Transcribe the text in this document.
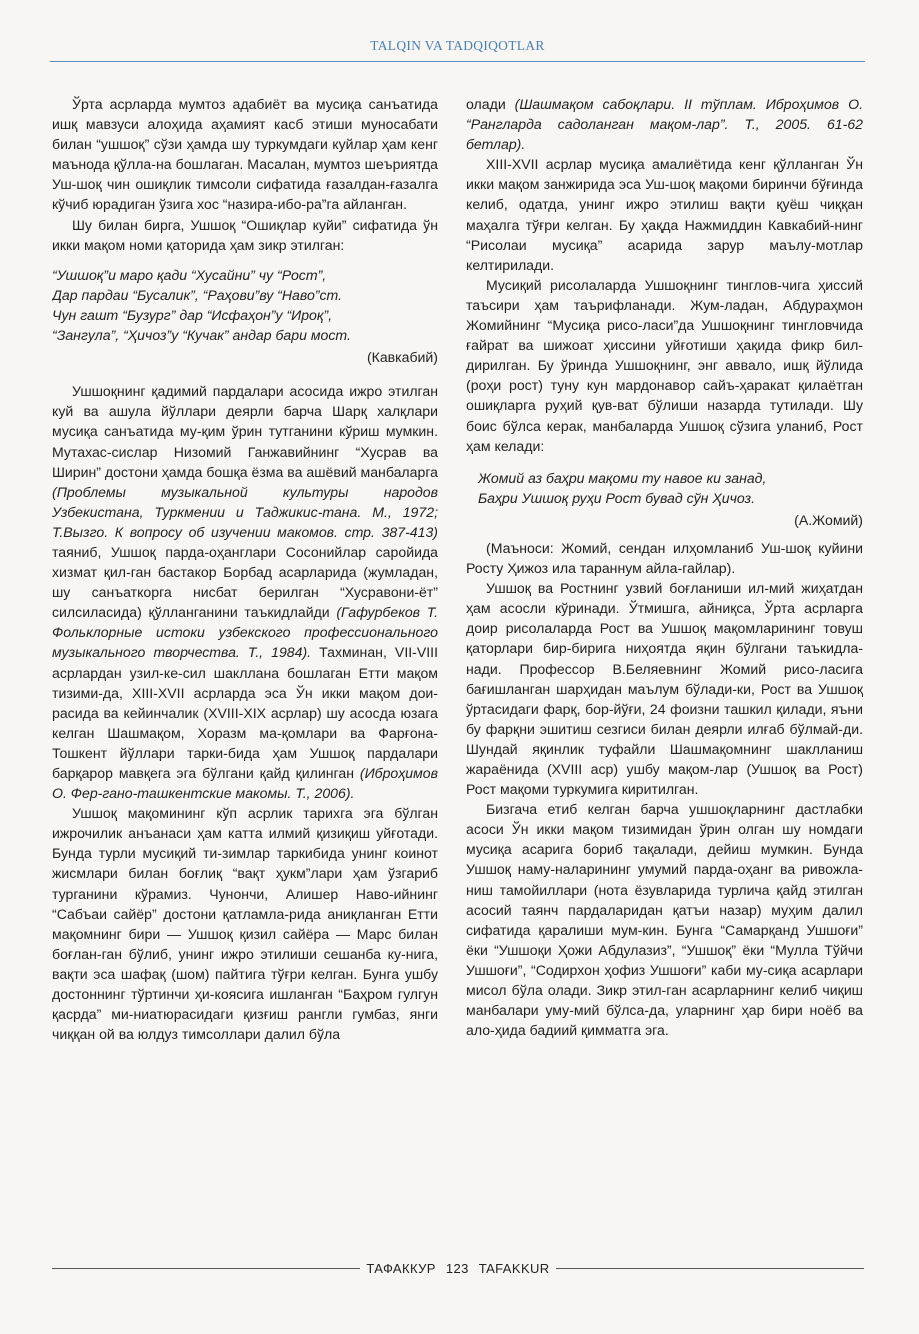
TALQIN VA TADQIQOTLAR

Ўрта асрларда мумтоз адабиёт ва мусиқа санъатида ишқ мавзуси алоҳида аҳамият касб этиши муносабати билан “ушшоқ” сўзи ҳамда шу туркумдаги куйлар ҳам кенг маънода қўлла-на бошлаган. Масалан, мумтоз шеъриятда Уш-шоқ чин ошиқлик тимсоли сифатида ғазалдан-ғазалга кўчиб юрадиган ўзига хос “назира-ибо-ра”га айланган.

Шу билан бирга, Ушшоқ “Ошиқлар куйи” сифатида ўн икки мақом номи қаторида ҳам зикр этилган:

“Ушшоқ”и маро қади “Хусайни” чу “Рост”,
Дар пардаи “Бусалик”, “Раҳови”ву “Наво”ст.
Чун гашт “Бузург” дар “Исфаҳон”у “Ироқ”,
“Зангула”, “Ҳичоз”у “Кучак” андар бари мост.
(Кавкабий)

Ушшоқнинг қадимий пардалари асосида ижро этилган куй ва ашула йўллари деярли барча Шарқ халқлари мусиқа санъатида му-қим ўрин тутганини кўриш мумкин. Мутахас-сислар Низомий Ганжавийнинг “Хусрав ва Ширин” достони ҳамда бошқа ёзма ва ашёвий манбаларга (Проблемы музыкальной культуры народов Узбекистана, Туркмении и Таджикис-тана. М., 1972; Т.Вызго. К вопросу об изучении макомов. стр. 387-413) таяниб, Ушшоқ парда-оҳанглари Сосонийлар саройида хизмат қил-ган бастакор Борбад асарларида (жумладан, шу санъаткорга нисбат берилган “Хусравони-ёт” силсиласида) қўлланганини таъкидлайди (Гафурбеков Т. Фольклорные истоки узбекского профессионального музыкального творчества. Т., 1984). Тахминан, VII-VIII асрлардан узил-ке-сил шакллана бошлаган Етти мақом тизими-да, XIII-XVII асрларда эса Ўн икки мақом дои-расида ва кейинчалик (XVIII-XIX асрлар) шу асосда юзага келган Шашмақом, Хоразм ма-қомлари ва Фарғона-Тошкент йўллари тарки-бида ҳам Ушшоқ пардалари барқарор мавқега эга бўлгани қайд қилинган (Иброҳимов О. Фер-гано-ташкентские макомы. Т., 2006).

Ушшоқ мақомининг кўп асрлик тарихга эга бўлган ижрочилик анъанаси ҳам катта илмий қизиқиш уйғотади. Бунда турли мусиқий ти-зимлар таркибида унинг коинот жисмлари билан боғлиқ “вақт ҳукм”лари ҳам ўзгариб турганини кўрамиз. Чунончи, Алишер Наво-ийнинг “Сабъаи сайёр” достони қатламла-рида аниқланган Етти мақомнинг бири — Ушшоқ қизил сайёра — Марс билан боғлан-ган бўлиб, унинг ижро этилиши сешанба ку-нига, вақти эса шафақ (шом) пайтига тўғри келган. Бунга ушбу достоннинг тўртинчи ҳи-коясига ишланган “Баҳром гулгун қасрда” ми-ниатюрасидаги қизғиш рангли гумбаз, янги чиққан ой ва юлдуз тимсоллари далил бўла

олади (Шашмақом сабоқлари. II тўплам. Иброҳимов О. “Рангларда садоланган мақом-лар”. Т., 2005. 61-62 бетлар).

XIII-XVII асрлар мусиқа амалиётида кенг қўлланган Ўн икки мақом занжирида эса Уш-шоқ мақоми биринчи бўғинда келиб, одатда, унинг ижро этилиш вақти қуёш чиққан маҳалга тўғри келган. Бу ҳақда Нажмиддин Кавкабий-нинг “Рисолаи мусиқа” асарида зарур маълу-мотлар келтирилади.

Мусиқий рисолаларда Ушшоқнинг тинглов-чига ҳиссий таъсири ҳам таърифланади. Жум-ладан, Абдураҳмон Жомийнинг “Мусиқа рисо-ласи”да Ушшоқнинг тингловчида ғайрат ва шижоат ҳиссини уйғотиши ҳақида фикр бил-дирилган. Бу ўринда Ушшоқнинг, энг аввало, ишқ йўлида (роҳи рост) туну кун мардонавор сайъ-ҳаракат қилаётган ошиқларга руҳий қув-ват бўлиши назарда тутилади. Шу боис бўлса керак, манбаларда Ушшоқ сўзига уланиб, Рост ҳам келади:

Жомий аз баҳри мақоми ту навое ки занад,
Баҳри Ушшоқ руҳи Рост бувад сўн Ҳичоз.
(А.Жомий)

(Маъноси: Жомий, сендан илҳомланиб Уш-шоқ куйини Росту Ҳижоз ила тараннум айла-гайлар).

Ушшоқ ва Ростнинг узвий боғланиши ил-мий жиҳатдан ҳам асосли кўринади. Ўтмишга, айниқса, Ўрта асрларга доир рисолаларда Рост ва Ушшоқ мақомларининг товуш қаторлари бир-бирига ниҳоятда яқин бўлгани таъкидла-нади. Профессор В.Беляевнинг Жомий рисо-ласига бағишланган шарҳидан маълум бўлади-ки, Рост ва Ушшоқ ўртасидаги фарқ, бор-йўғи, 24 фоизни ташкил қилади, яъни бу фарқни эшитиш сезгиси билан деярли илғаб бўлмай-ди. Шундай яқинлик туфайли Шашмақомнинг шаклланиш жараёнида (XVIII аср) ушбу мақом-лар (Ушшоқ ва Рост) Рост мақоми туркумига киритилган.

Бизгача етиб келган барча ушшоқларнинг дастлабки асоси Ўн икки мақом тизимидан ўрин олган шу номдаги мусиқа асарига бориб тақалади, дейиш мумкин. Бунда Ушшоқ наму-наларининг умумий парда-оҳанг ва ривожла-ниш тамойиллари (нота ёзувларида турлича қайд этилган асосий таянч пардаларидан қатъи назар) муҳим далил сифатида қаралиши мум-кин. Бунга “Самарқанд Ушшоғи” ёки “Ушшоқи Ҳожи Абдулазиз”, “Ушшоқ” ёки “Мулла Тўйчи Ушшоғи”, “Содирхон ҳофиз Ушшоғи” каби му-сиқа асарлари мисол бўла олади. Зикр этил-ган асарларнинг келиб чиқиш манбалари уму-мий бўлса-да, уларнинг ҳар бири ноёб ва ало-ҳида бадиий қимматга эга.

ТАФАККУР 123 TAFAKKUR
